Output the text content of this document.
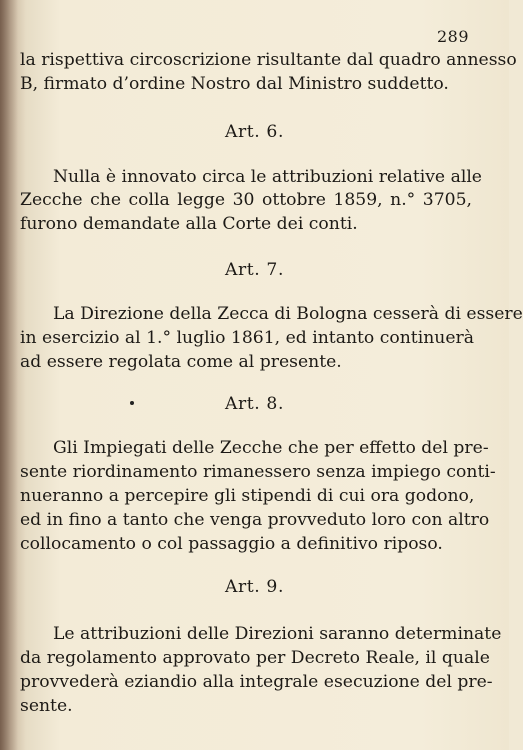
289
la rispettiva circoscrizione risultante dal quadro annesso
B, firmato d’ordine Nostro dal Ministro suddetto.
Art. 6.
Nulla è innovato circa le attribuzioni relative alle
Zecche che colla legge 30 ottobre 1859, n.° 3705,
furono demandate alla Corte dei conti.
Art. 7.
La Direzione della Zecca di Bologna cesserà di essere
in esercizio al 1.° luglio 1861, ed intanto continuerà
ad essere regolata come al presente.
Art. 8.
Gli Impiegati delle Zecche che per effetto del pre-
sente riordinamento rimanessero senza impiego conti-
nueranno a percepire gli stipendi di cui ora godono,
ed in fino a tanto che venga provveduto loro con altro
collocamento o col passaggio a definitivo riposo.
Art. 9.
Le attribuzioni delle Direzioni saranno determinate
da regolamento approvato per Decreto Reale, il quale
provvederà eziandio alla integrale esecuzione del pre-
sente.
